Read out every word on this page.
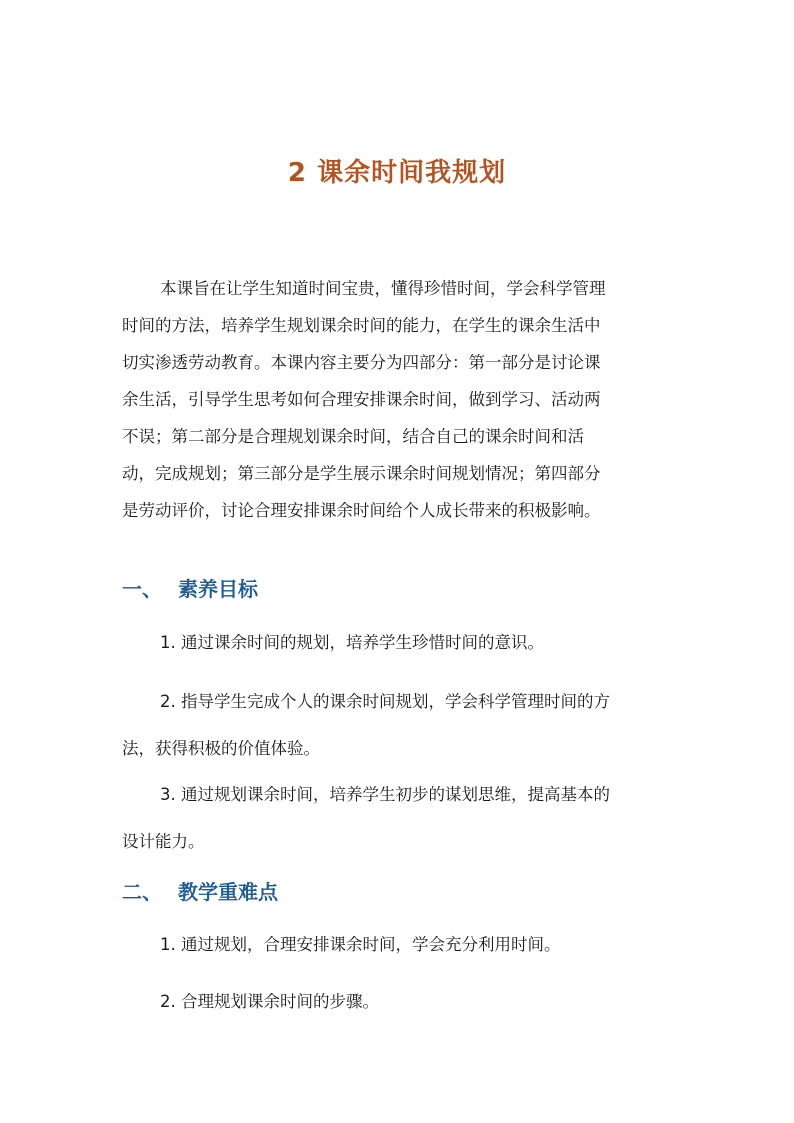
2 课余时间我规划
本课旨在让学生知道时间宝贵，懂得珍惜时间，学会科学管理
时间的方法，培养学生规划课余时间的能力，在学生的课余生活中
切实渗透劳动教育。本课内容主要分为四部分：第一部分是讨论课
余生活，引导学生思考如何合理安排课余时间，做到学习、活动两
不误；第二部分是合理规划课余时间，结合自己的课余时间和活
动，完成规划；第三部分是学生展示课余时间规划情况；第四部分
是劳动评价，讨论合理安排课余时间给个人成长带来的积极影响。
一、 素养目标
1. 通过课余时间的规划，培养学生珍惜时间的意识。
2. 指导学生完成个人的课余时间规划，学会科学管理时间的方
法，获得积极的价值体验。
3. 通过规划课余时间，培养学生初步的谋划思维，提高基本的
设计能力。
二、 教学重难点
1. 通过规划，合理安排课余时间，学会充分利用时间。
2. 合理规划课余时间的步骤。
